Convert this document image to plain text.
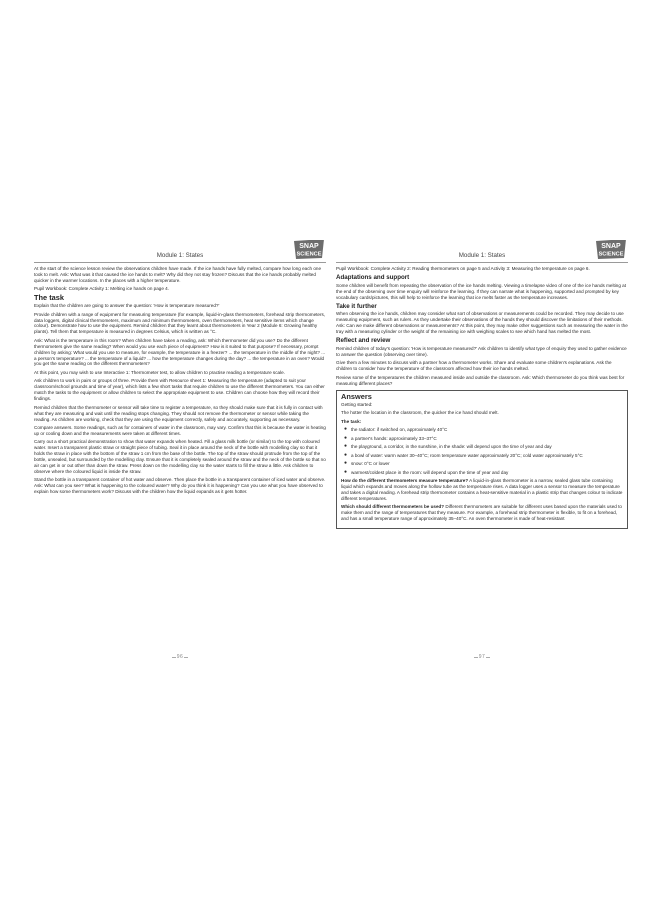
Module 1: States
SNAP
SCIENCE

At the start of the science lesson review the observations children have made. If the ice hands have fully melted, compare how long each one took to melt. Ask: What was it that caused the ice hands to melt? Why did they not stay frozen? Discuss that the ice hands probably melted quicker in the warmer locations. In the places with a higher temperature.

Pupil Workbook: Complete Activity 1: Melting ice hands on page 4.

The task

Explain that the children are going to answer the question: 'How is temperature measured?'

Provide children with a range of equipment for measuring temperature (for example, liquid-in-glass thermometers, forehead strip thermometers, data loggers, digital clinical thermometers, maximum and minimum thermometers, oven thermometers, heat sensitive items which change colour). Demonstrate how to use the equipment. Remind children that they learnt about thermometers in Year 2 (Module 6: Growing healthy plants). Tell them that temperature is measured in degrees Celsius, which is written as °C.

Ask: What is the temperature in this room? When children have taken a reading, ask: Which thermometer did you use? Do the different thermometers give the same reading? When would you use each piece of equipment? How is it suited to that purpose? If necessary, prompt children by asking: What would you use to measure, for example, the temperature in a freezer? ... the temperature in the middle of the night? ... a person's temperature? ... the temperature of a liquid? ... how the temperature changes during the day? ... the temperature in an oven? Would you get the same reading on the different thermometers?

At this point, you may wish to use Interactive 1: Thermometer test, to allow children to practise reading a temperature scale.

Ask children to work in pairs or groups of three. Provide them with Resource sheet 1: Measuring the temperature (adapted to suit your classroom/school grounds and time of year), which lists a few short tasks that require children to use the different thermometers. You can either match the tasks to the equipment or allow children to select the appropriate equipment to use. Children can choose how they will record their findings.

Remind children that the thermometer or sensor will take time to register a temperature, so they should make sure that it is fully in contact with what they are measuring and wait until the reading stops changing. They should not remove the thermometer or sensor while taking the reading. As children are working, check that they are using the equipment correctly, safely and accurately, supporting as necessary.

Compare answers. Some readings, such as for containers of water in the classroom, may vary. Confirm that this is because the water is heating up or cooling down and the measurements were taken at different times.

Carry out a short practical demonstration to show that water expands when heated. Fill a glass milk bottle (or similar) to the top with coloured water. Insert a transparent plastic straw or straight piece of tubing. Seal it in place around the neck of the bottle with modelling clay so that it holds the straw in place with the bottom of the straw 1 cm from the base of the bottle. The top of the straw should protrude from the top of the bottle, unsealed, but surrounded by the modelling clay. Ensure that it is completely sealed around the straw and the neck of the bottle so that no air can get in or out other than down the straw. Press down on the modelling clay so the water starts to fill the straw a little. Ask children to observe where the coloured liquid is inside the straw.

Stand the bottle in a transparent container of hot water and observe. Then place the bottle in a transparent container of iced water and observe. Ask: What can you see? What is happening to the coloured water? Why do you think it is happening? Can you use what you have observed to explain how some thermometers work? Discuss with the children how the liquid expands as it gets hotter.

96
Module 1: States
SNAP
SCIENCE

Pupil Workbook: Complete Activity 2: Reading thermometers on page 5 and Activity 3: Measuring the temperature on page 6.

Adaptations and support

Some children will benefit from repeating the observation of the ice hands melting. Viewing a timelapse video of one of the ice hands melting at the end of the observing over time enquiry will reinforce the learning. If they can narrate what is happening, supported and prompted by key vocabulary cards/pictures, this will help to reinforce the learning that ice melts faster as the temperature increases.

Take it further

When observing the ice hands, children may consider what sort of observations or measurements could be recorded. They may decide to use measuring equipment, such as rulers. As they undertake their observations of the hands they should discover the limitations of their methods. Ask: Can we make different observations or measurements? At this point, they may make other suggestions such as measuring the water in the tray with a measuring cylinder or the weight of the remaining ice with weighing scales to see which hand has melted the most.

Reflect and review

Remind children of today's question: 'How is temperature measured?' Ask children to identify what type of enquiry they used to gather evidence to answer the question (observing over time).

Give them a few minutes to discuss with a partner how a thermometer works. Share and evaluate some children's explanations. Ask the children to consider how the temperature of the classroom affected how their ice hands melted.

Review some of the temperatures the children measured inside and outside the classroom. Ask: Which thermometer do you think was best for measuring different places?

Answers

Getting started:

The hotter the location in the classroom, the quicker the ice hand should melt.

The task:

● the radiator: if switched on, approximately 40°C
● a partner's hands: approximately 33–37°C
● the playground, a corridor, in the sunshine, in the shade: will depend upon the time of year and day
● a bowl of water: warm water 30–40°C; room temperature water approximately 20°C; cold water approximately 5°C
● snow: 0°C or lower
● warmest/coldest place in the room: will depend upon the time of year and day

How do the different thermometers measure temperature? A liquid-in-glass thermometer is a narrow, sealed glass tube containing liquid which expands and moves along the hollow tube as the temperature rises. A data logger uses a sensor to measure the temperature and takes a digital reading. A forehead strip thermometer contains a heat-sensitive material in a plastic strip that changes colour to indicate different temperatures.

Which should different thermometers be used? Different thermometers are suitable for different uses based upon the materials used to make them and the range of temperatures that they measure. For example, a forehead strip thermometer is flexible, to fit on a forehead, and has a small temperature range of approximately 35–40°C. An oven thermometer is made of heat-resistant

97
